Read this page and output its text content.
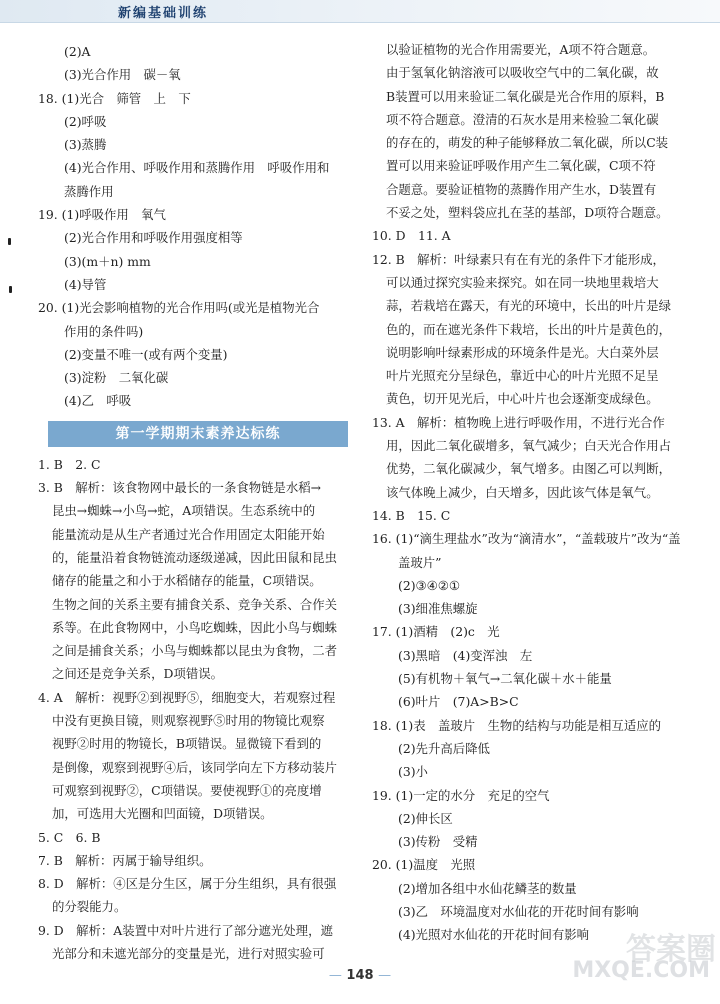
新编基础训练
(2)A
(3)光合作用　碳－氧
18. (1)光合　筛管　上　下
(2)呼吸
(3)蒸腾
(4)光合作用、呼吸作用和蒸腾作用　呼吸作用和
蒸腾作用
19. (1)呼吸作用　氧气
(2)光合作用和呼吸作用强度相等
(3)(m＋n) mm
(4)导管
20. (1)光会影响植物的光合作用吗(或光是植物光合
作用的条件吗)
(2)变量不唯一(或有两个变量)
(3)淀粉　二氧化碳
(4)乙　呼吸
第一学期期末素养达标练
1. B　2. C
3. B　解析：该食物网中最长的一条食物链是水稻→
昆虫→蜘蛛→小鸟→蛇，A项错误。生态系统中的
能量流动是从生产者通过光合作用固定太阳能开始
的，能量沿着食物链流动逐级递减，因此田鼠和昆虫
储存的能量之和小于水稻储存的能量，C项错误。
生物之间的关系主要有捕食关系、竞争关系、合作关
系等。在此食物网中，小鸟吃蜘蛛，因此小鸟与蜘蛛
之间是捕食关系；小鸟与蜘蛛都以昆虫为食物，二者
之间还是竞争关系，D项错误。
4. A　解析：视野②到视野⑤，细胞变大，若观察过程
中没有更换目镜，则观察视野⑤时用的物镜比观察
视野②时用的物镜长，B项错误。显微镜下看到的
是倒像，观察到视野④后，该同学向左下方移动装片
可观察到视野②，C项错误。要使视野①的亮度增
加，可选用大光圈和凹面镜，D项错误。
5. C　6. B
7. B　解析：丙属于输导组织。
8. D　解析：④区是分生区，属于分生组织，具有很强
的分裂能力。
9. D　解析：A装置中对叶片进行了部分遮光处理，遮
光部分和未遮光部分的变量是光，进行对照实验可
以验证植物的光合作用需要光，A项不符合题意。
由于氢氧化钠溶液可以吸收空气中的二氧化碳，故
B装置可以用来验证二氧化碳是光合作用的原料，B
项不符合题意。澄清的石灰水是用来检验二氧化碳
的存在的，萌发的种子能够释放二氧化碳，所以C装
置可以用来验证呼吸作用产生二氧化碳，C项不符
合题意。要验证植物的蒸腾作用产生水，D装置有
不妥之处，塑料袋应扎在茎的基部，D项符合题意。
10. D　11. A
12. B　解析：叶绿素只有在有光的条件下才能形成，
可以通过探究实验来探究。如在同一块地里栽培大
蒜，若栽培在露天，有光的环境中，长出的叶片是绿
色的，而在遮光条件下栽培，长出的叶片是黄色的，
说明影响叶绿素形成的环境条件是光。大白菜外层
叶片光照充分呈绿色，靠近中心的叶片光照不足呈
黄色，切开见光后，中心叶片也会逐渐变成绿色。
13. A　解析：植物晚上进行呼吸作用，不进行光合作
用，因此二氧化碳增多，氧气减少；白天光合作用占
优势，二氧化碳减少，氧气增多。由图乙可以判断，
该气体晚上减少，白天增多，因此该气体是氧气。
14. B　15. C
16. (1)“滴生理盐水”改为“滴清水”，“盖载玻片”改为“盖
盖玻片”
(2)③④②①
(3)细准焦螺旋
17. (1)酒精　(2)c　光
(3)黑暗　(4)变浑浊　左
(5)有机物＋氧气→二氧化碳＋水＋能量
(6)叶片　(7)A>B>C
18. (1)表　盖玻片　生物的结构与功能是相互适应的
(2)先升高后降低
(3)小
19. (1)一定的水分　充足的空气
(2)伸长区
(3)传粉　受精
20. (1)温度　光照
(2)增加各组中水仙花鳞茎的数量
(3)乙　环境温度对水仙花的开花时间有影响
(4)光照对水仙花的开花时间有影响
— 148 —
答案圈
MXQE.COM
